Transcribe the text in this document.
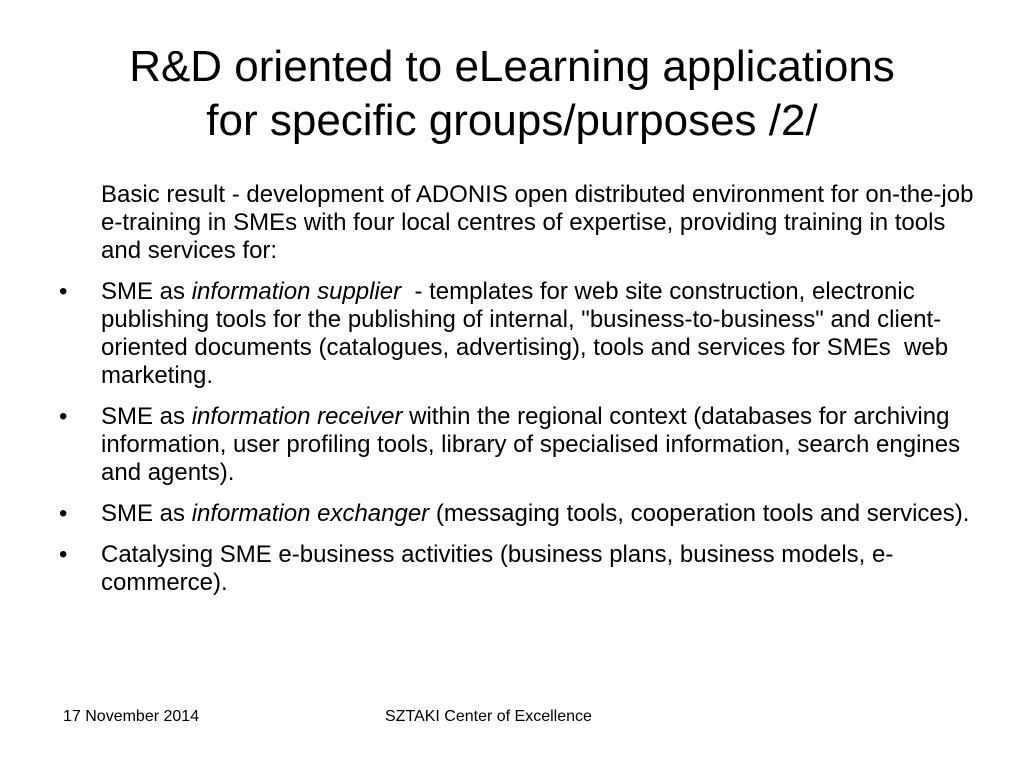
R&D oriented to eLearning applications
for specific groups/purposes /2/

Basic result - development of ADONIS open distributed environment for on-the-job e-training in SMEs with four local centres of expertise, providing training in tools and services for:

• SME as information supplier  - templates for web site construction, electronic publishing tools for the publishing of internal, "business-to-business" and client-oriented documents (catalogues, advertising), tools and services for SMEs  web marketing.
• SME as information receiver within the regional context (databases for archiving information, user profiling tools, library of specialised information, search engines and agents).
• SME as information exchanger (messaging tools, cooperation tools and services).
• Catalysing SME e-business activities (business plans, business models, e-commerce).
17 November 2014	SZTAKI Center of Excellence
